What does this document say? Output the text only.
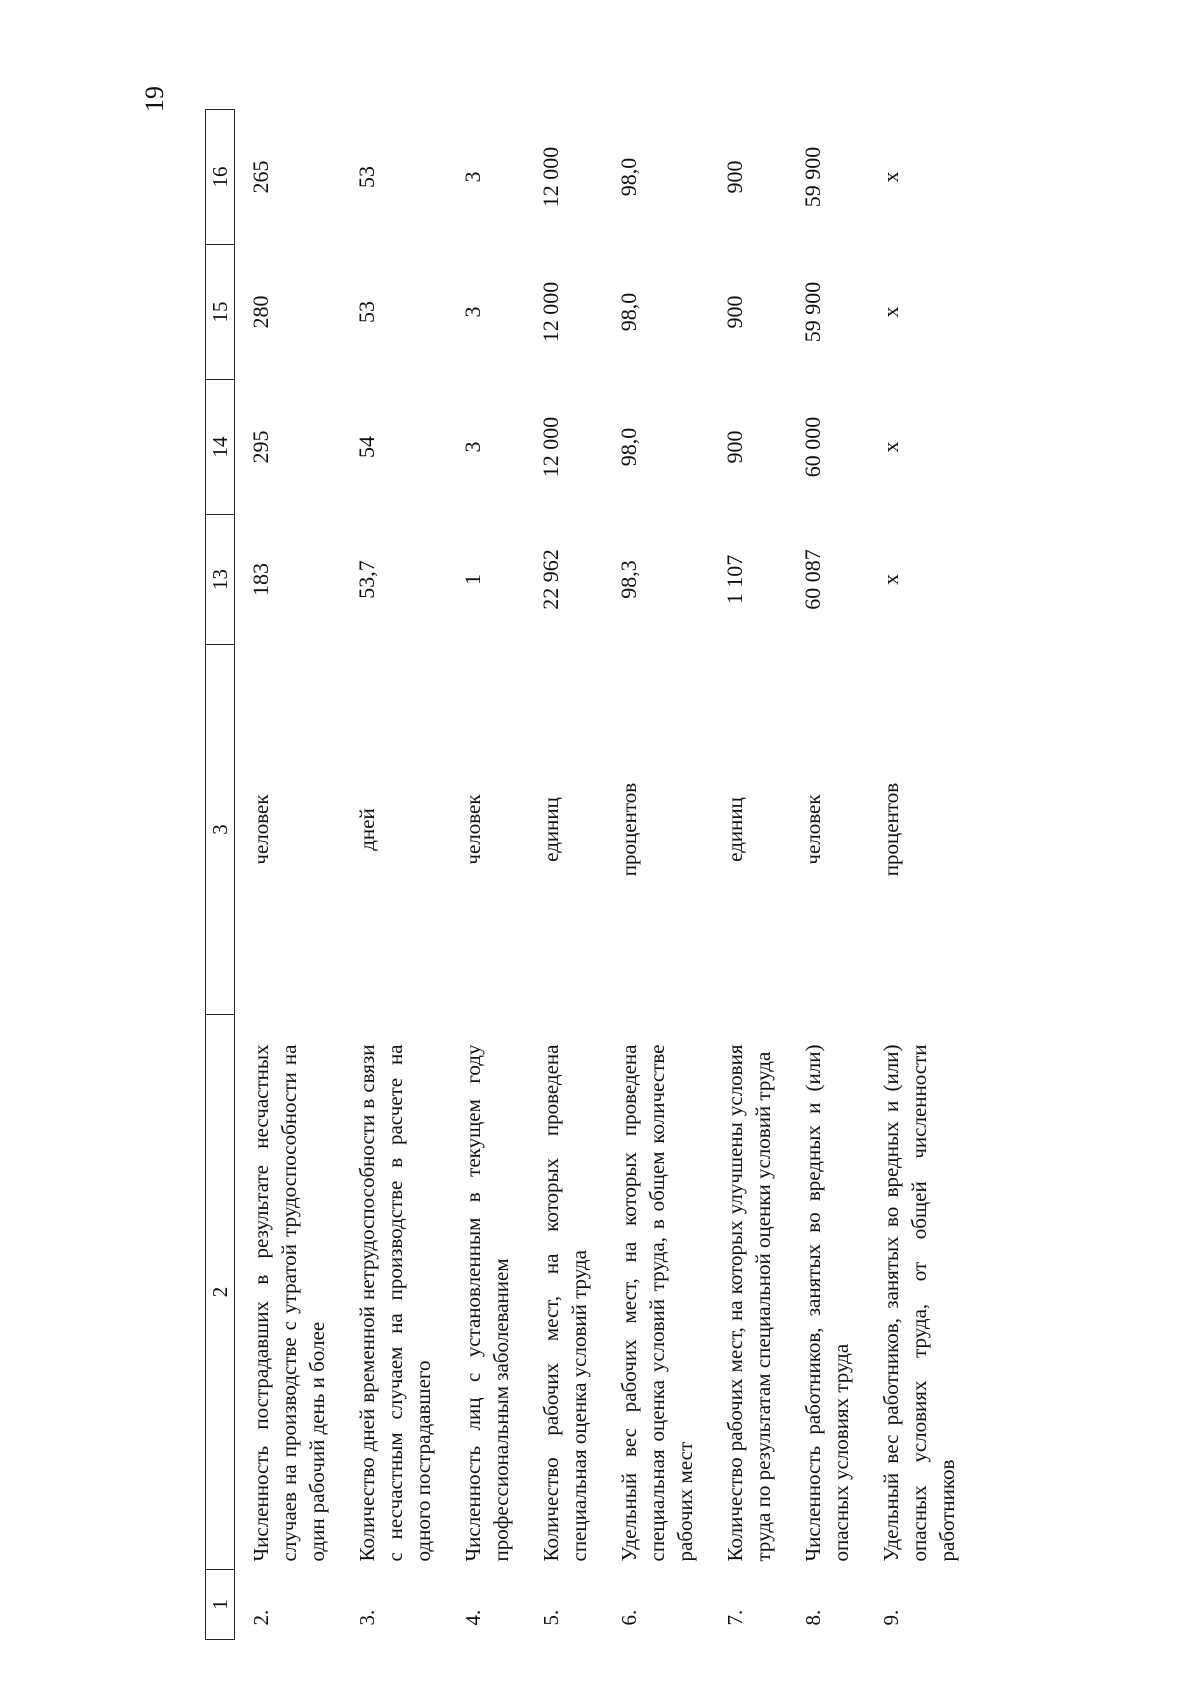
19
1	2	3	13	14	15	16
2.	Численность пострадавших в результате несчастных случаев на производстве с утратой трудоспособности на один рабочий день и более	человек	183	295	280	265
3.	Количество дней временной нетрудоспособности в связи с несчастным случаем на производстве в расчете на одного пострадавшего	дней	53,7	54	53	53
4.	Численность лиц с установленным в текущем году профессиональным заболеванием	человек	1	3	3	3
5.	Количество рабочих мест, на которых проведена специальная оценка условий труда	единиц	22 962	12 000	12 000	12 000
6.	Удельный вес рабочих мест, на которых проведена специальная оценка условий труда, в общем количестве рабочих мест	процентов	98,3	98,0	98,0	98,0
7.	Количество рабочих мест, на которых улучшены условия труда по результатам специальной оценки условий труда	единиц	1 107	900	900	900
8.	Численность работников, занятых во вредных и (или) опасных условиях труда	человек	60 087	60 000	59 900	59 900
9.	Удельный вес работников, занятых во вредных и (или) опасных условиях труда, от общей численности работников	процентов	x	x	x	x
